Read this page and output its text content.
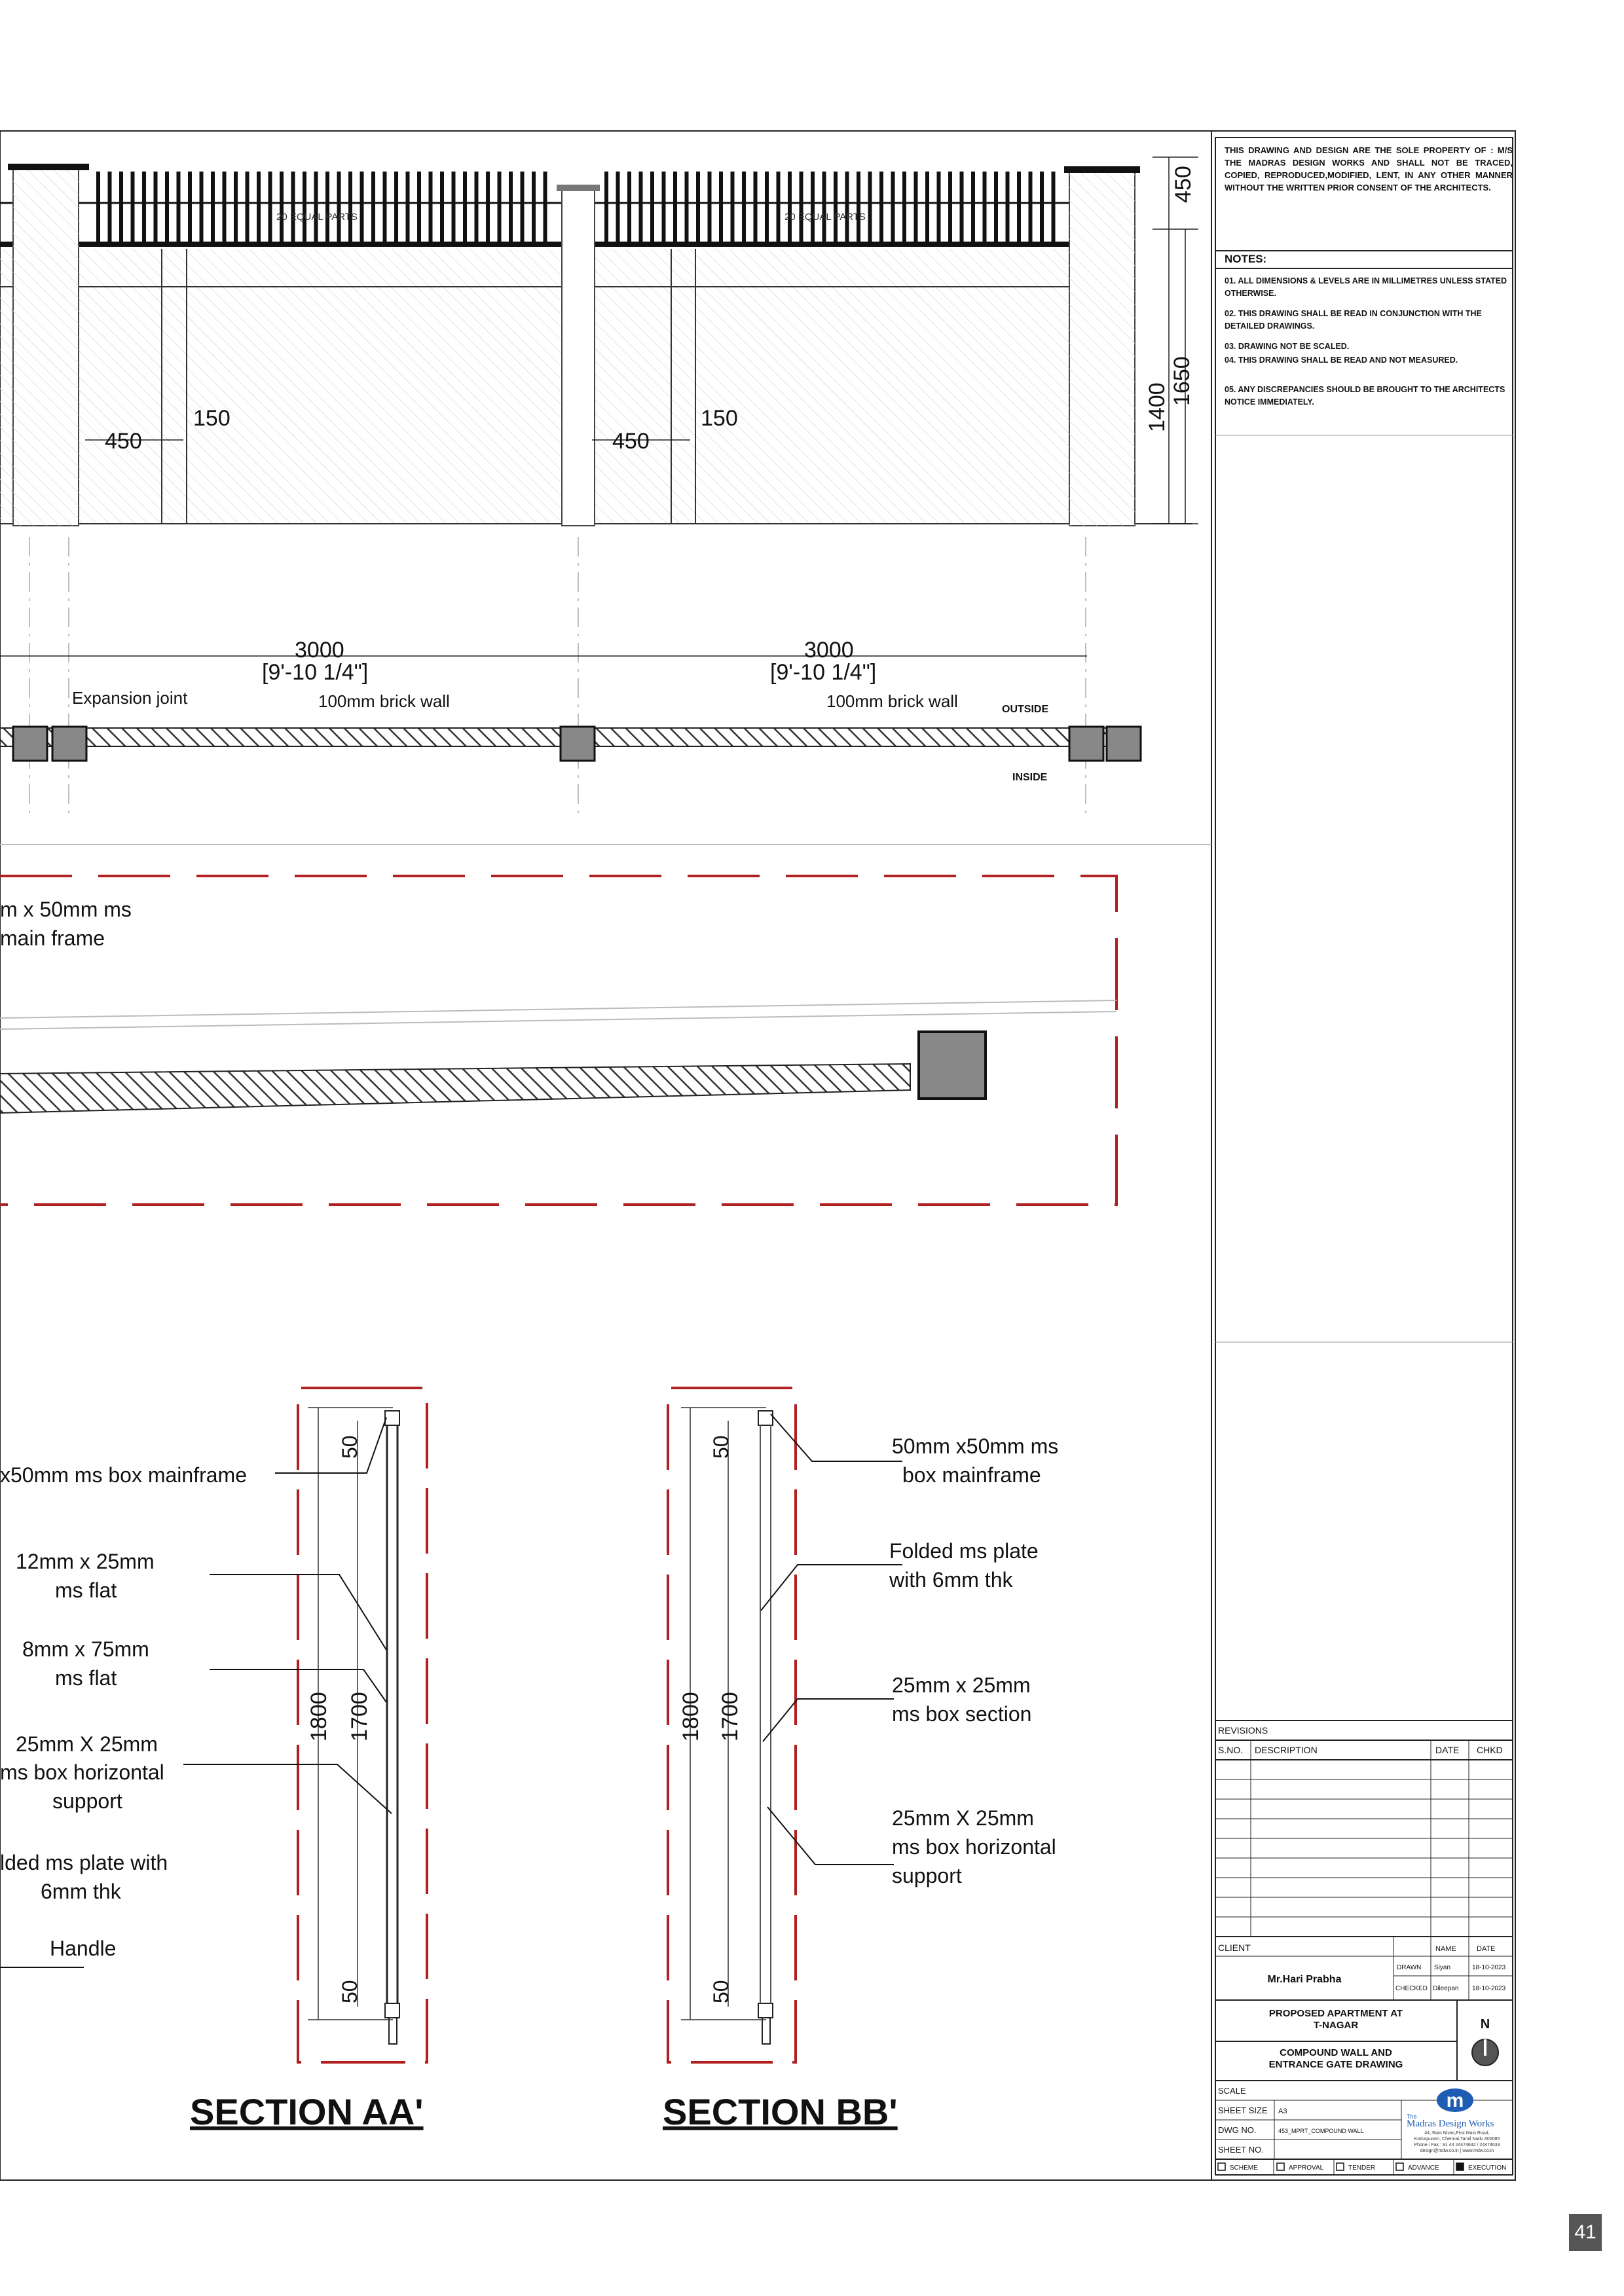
450
1400
1650
450
150
450
150
20 EQUAL PARTS	20 EQUAL PARTS
3000
[9'-10 1/4"]
3000
[9'-10 1/4"]
Expansion joint	100mm brick wall	100mm brick wall	OUTSIDE
INSIDE
m x 50mm ms
main frame
50
1800 1700
50
x50mm ms box mainframe
12mm x 25mm
ms flat
8mm x 75mm
ms flat
25mm X 25mm
ms box horizontal
support
lded ms plate with
6mm thk
Handle
SECTION AA'
50
1800 1700
50
50mm x50mm ms
box mainframe
Folded ms plate
with 6mm thk
25mm x 25mm
ms box section
25mm X 25mm
ms box horizontal
support
SECTION BB'
REVISIONS
S.NO. DESCRIPTION	DATE CHKD
CLIENT	NAME	DATE
Mr.Hari Prabha
DRAWN Siyan	18-10-2023
CHECKED Dileepan 18-10-2023
PROPOSED APARTMENT AT
T-NAGAR	N
COMPOUND WALL AND
ENTRANCE GATE DRAWING
SCALE
SHEET SIZE A3
DWG NO.	453_MPRT_COMPOUND WALL
SHEET NO.
m
The
Madras Design Works
#4, Ram Nivas,First Main Road,
Kotturpuram, Chennai,Tamil Nadu 600085
Phone / Fax : 91 44 24474632 / 24474633
design@mdw.co.in | www.mdw.co.in
SCHEME	APPROVAL	TENDER	ADVANCE	EXECUTION
THIS DRAWING AND DESIGN ARE THE SOLE PROPERTY OF : M/S THE MADRAS DESIGN WORKS AND SHALL NOT BE TRACED, COPIED, REPRODUCED,MODIFIED, LENT, IN ANY OTHER MANNER WITHOUT THE WRITTEN PRIOR CONSENT OF THE ARCHITECTS.
NOTES:
01. ALL DIMENSIONS & LEVELS ARE IN MILLIMETRES UNLESS STATED OTHERWISE.
02. THIS DRAWING SHALL BE READ IN CONJUNCTION WITH THE DETAILED DRAWINGS.
03. DRAWING NOT BE SCALED.
04. THIS DRAWING SHALL BE READ AND NOT MEASURED.
05. ANY DISCREPANCIES SHOULD BE BROUGHT TO THE ARCHITECTS NOTICE IMMEDIATELY.
41
